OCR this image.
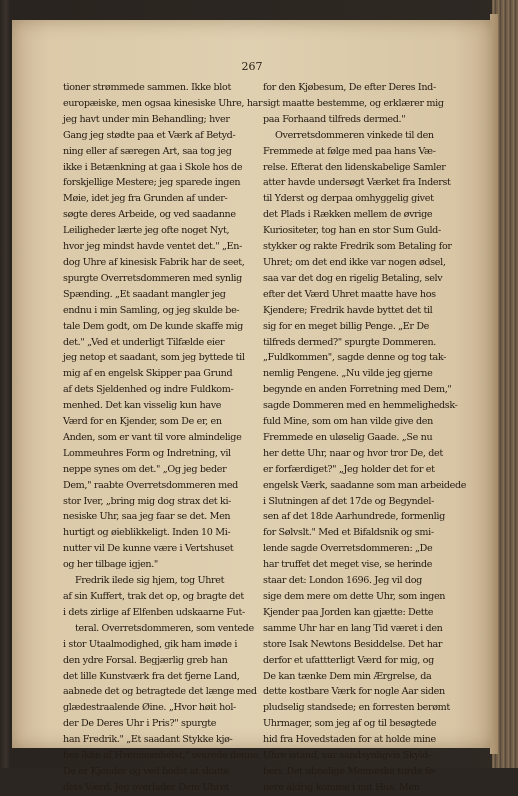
267
tioner strømmede sammen. Ikke blot
europæiske, men ogsaa kinesiske Uhre, har
jeg havt under min Behandling; hver
Gang jeg stødte paa et Værk af Betyd-
ning eller af særegen Art, saa tog jeg
ikke i Betænkning at gaa i Skole hos de
forskjellige Mestere; jeg sparede ingen
Møie, idet jeg fra Grunden af under-
søgte deres Arbeide, og ved saadanne
Leiligheder lærte jeg ofte noget Nyt,
hvor jeg mindst havde ventet det." „En-
dog Uhre af kinesisk Fabrik har de seet,
spurgte Overretsdommeren med synlig
Spænding. „Et saadant mangler jeg
endnu i min Samling, og jeg skulde be-
tale Dem godt, om De kunde skaffe mig
det." „Ved et underligt Tilfælde eier
jeg netop et saadant, som jeg byttede til
mig af en engelsk Skipper paa Grund
af dets Sjeldenhed og indre Fuldkom-
menhed. Det kan visselig kun have
Værd for en Kjender, som De er, en
Anden, som er vant til vore almindelige
Lommeuhres Form og Indretning, vil
neppe synes om det." „Og jeg beder
Dem," raabte Overretsdommeren med
stor Iver, „bring mig dog strax det ki-
nesiske Uhr, saa jeg faar se det. Men
hurtigt og øieblikkeligt. Inden 10 Mi-
nutter vil De kunne være i Vertshuset
og her tilbage igjen."
Fredrik ilede sig hjem, tog Uhret
af sin Kuffert, trak det op, og bragte det
i dets zirlige af Elfenben udskaarne Fut-
teral. Overretsdommeren, som ventede
i stor Utaalmodighed, gik ham imøde i
den ydre Forsal. Begjærlig greb han
det lille Kunstværk fra det fjerne Land,
aabnede det og betragtede det længe med
glædestraalende Øine. „Hvor høit hol-
der De Deres Uhr i Pris?" spurgte
han Fredrik." „Et saadant Stykke kjø-
bes ikke af Hvemsomhelst," svarede denne,
De er Kjender og ved bedst at skatte
dets Værd. Jeg overlader Dem Uhret
for den Kjøbesum, De efter Deres Ind-
sigt maatte bestemme, og erklærer mig
paa Forhaand tilfreds dermed."
Overretsdommeren vinkede til den
Fremmede at følge med paa hans Væ-
relse. Efterat den lidenskabelige Samler
atter havde undersøgt Værket fra Inderst
til Yderst og derpaa omhyggelig givet
det Plads i Rækken mellem de øvrige
Kuriositeter, tog han en stor Sum Guld-
stykker og rakte Fredrik som Betaling for
Uhret; om det end ikke var nogen ødsel,
saa var det dog en rigelig Betaling, selv
efter det Værd Uhret maatte have hos
Kjendere; Fredrik havde byttet det til
sig for en meget billig Penge. „Er De
tilfreds dermed?" spurgte Dommeren.
„Fuldkommen", sagde denne og tog tak-
nemlig Pengene. „Nu vilde jeg gjerne
begynde en anden Forretning med Dem,"
sagde Dommeren med en hemmelighedsk-
fuld Mine, som om han vilde give den
Fremmede en uløselig Gaade. „Se nu
her dette Uhr, naar og hvor tror De, det
er forfærdiget?" „Jeg holder det for et
engelsk Værk, saadanne som man arbeidede
i Slutningen af det 17de og Begyndel-
sen af det 18de Aarhundrede, formenlig
for Sølvslt." Med et Bifaldsnik og smi-
lende sagde Overretsdommeren: „De
har truffet det meget vise, se herinde
staar det: London 1696. Jeg vil dog
sige dem mere om dette Uhr, som ingen
Kjender paa Jorden kan gjætte: Dette
samme Uhr har en lang Tid været i den
store Isak Newtons Besiddelse. Det har
derfor et ufattterligt Værd for mig, og
De kan tænke Dem min Ærgrelse, da
dette kostbare Værk for nogle Aar siden
pludselig standsede; en forresten berømt
Uhrmager, som jeg af og til besøgtede
hid fra Hovedstaden for at holde mine
Uhre istand, var sandsynligvis Skyld-
beri. Det ubnelige Menneske turde fe-
nere aldrig komme i mit Hus. Men
